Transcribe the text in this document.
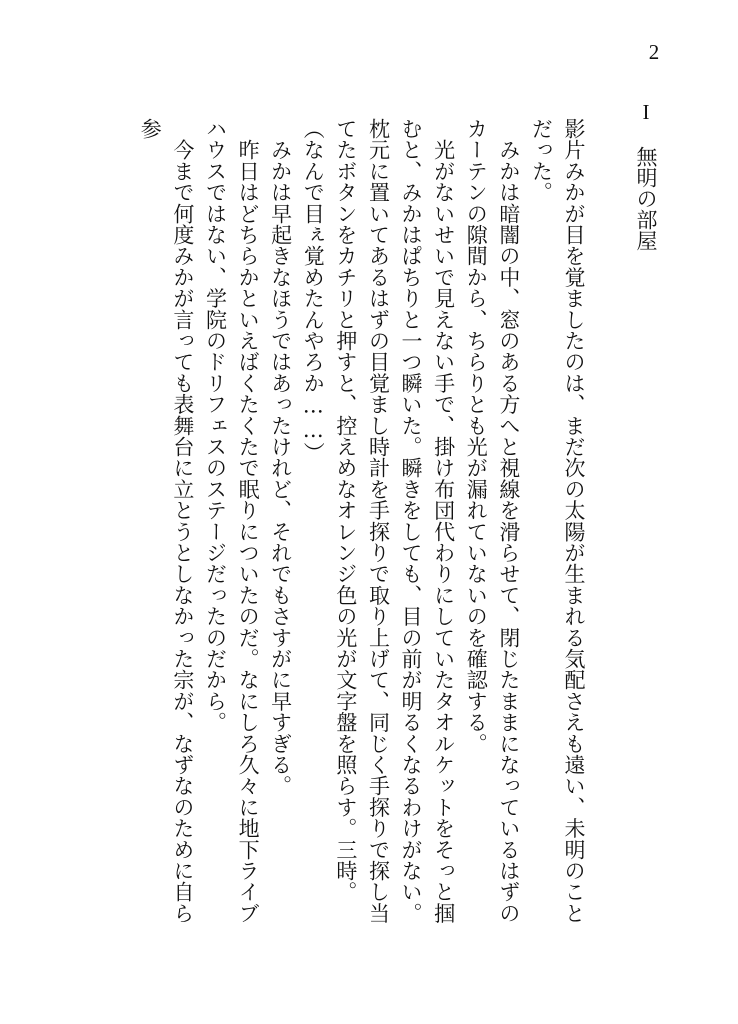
2
I無明の部屋

影片みかが目を覚ましたのは、まだ次の太陽が生まれる気配さえも遠い、未明のことだった。

　みかは暗闇の中、窓のある方へと視線を滑らせて、閉じたままになっているはずのカーテンの隙間から、ちらりとも光が漏れていないのを確認する。

　光がないせいで見えない手で、掛け布団代わりにしていたタオルケットをそっと掴むと、みかはぱちりと一つ瞬いた。瞬きをしても、目の前が明るくなるわけがない。枕元に置いてあるはずの目覚まし時計を手探りで取り上げて、同じく手探りで探し当てたボタンをカチリと押すと、控えめなオレンジ色の光が文字盤を照らす。三時。

（なんで目ぇ覚めたんやろか……）

　みかは早起きなほうではあったけれど、それでもさすがに早すぎる。

　昨日はどちらかといえばくたくたで眠りについたのだ。なにしろ久々に地下ライブハウスではない、学院のドリフェスのステージだったのだから。

　今まで何度みかが言っても表舞台に立とうとしなかった宗が、なずなのために自ら参
